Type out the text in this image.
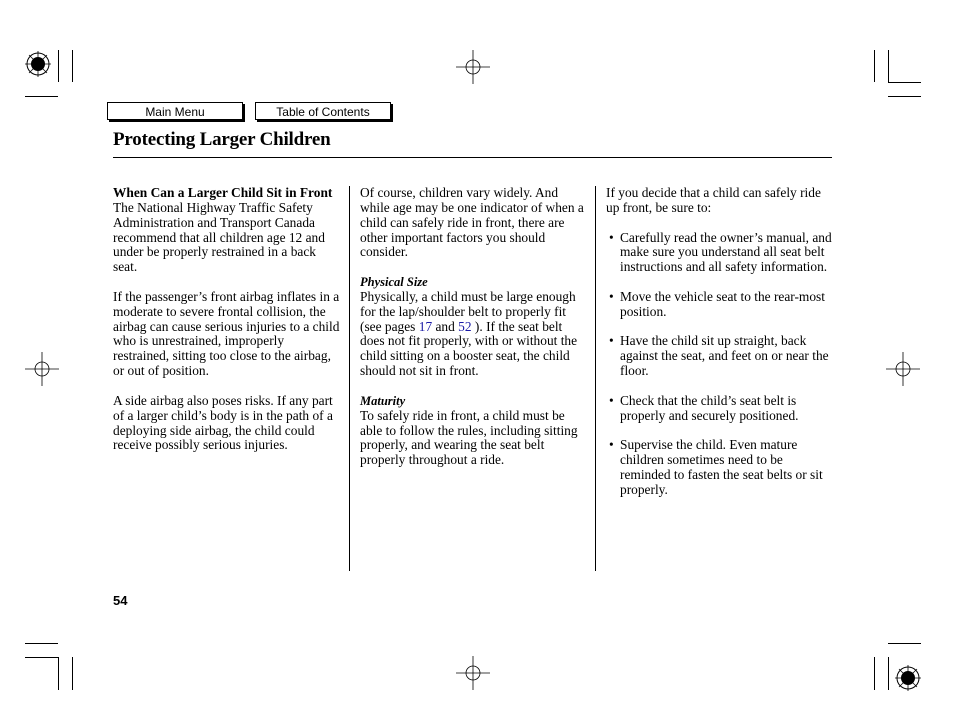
Main Menu	Table of Contents
Protecting Larger Children

When Can a Larger Child Sit in Front

The National Highway Traffic Safety Administration and Transport Canada recommend that all children age 12 and under be properly restrained in a back seat.

If the passenger’s front airbag inflates in a moderate to severe frontal collision, the airbag can cause serious injuries to a child who is unrestrained, improperly restrained, sitting too close to the airbag, or out of position.

A side airbag also poses risks. If any part of a larger child’s body is in the path of a deploying side airbag, the child could receive possibly serious injuries.

Of course, children vary widely. And while age may be one indicator of when a child can safely ride in front, there are other important factors you should consider.

Physical Size

Physically, a child must be large enough for the lap/shoulder belt to properly fit (see pages 17 and 52 ). If the seat belt does not fit properly, with or without the child sitting on a booster seat, the child should not sit in front.

Maturity

To safely ride in front, a child must be able to follow the rules, including sitting properly, and wearing the seat belt properly throughout a ride.

If you decide that a child can safely ride up front, be sure to:

• Carefully read the owner’s manual, and make sure you understand all seat belt instructions and all safety information.
• Move the vehicle seat to the rear-most position.
• Have the child sit up straight, back against the seat, and feet on or near the floor.
• Check that the child’s seat belt is properly and securely positioned.
• Supervise the child. Even mature children sometimes need to be reminded to fasten the seat belts or sit properly.
54
